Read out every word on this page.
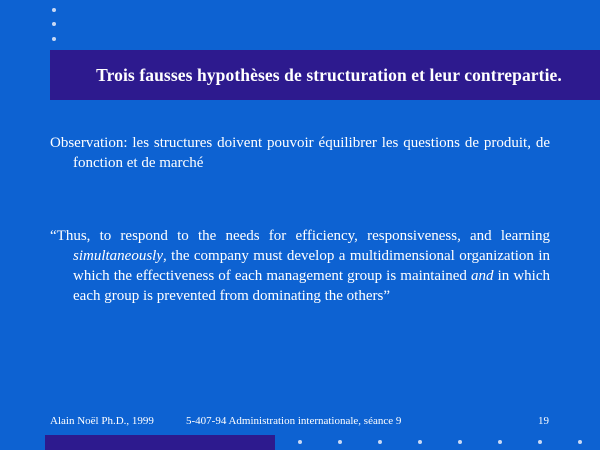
Trois fausses hypothèses de structuration et leur contrepartie.
Observation: les structures doivent pouvoir équilibrer les questions de produit, de fonction et de marché
“Thus, to respond to the needs for efficiency, responsiveness, and learning simultaneously, the company must develop a multidimensional organization in which the effectiveness of each management group is maintained and in which each group is prevented from dominating the others”
Alain Noël Ph.D., 1999	5-407-94 Administration internationale, séance 9	19
